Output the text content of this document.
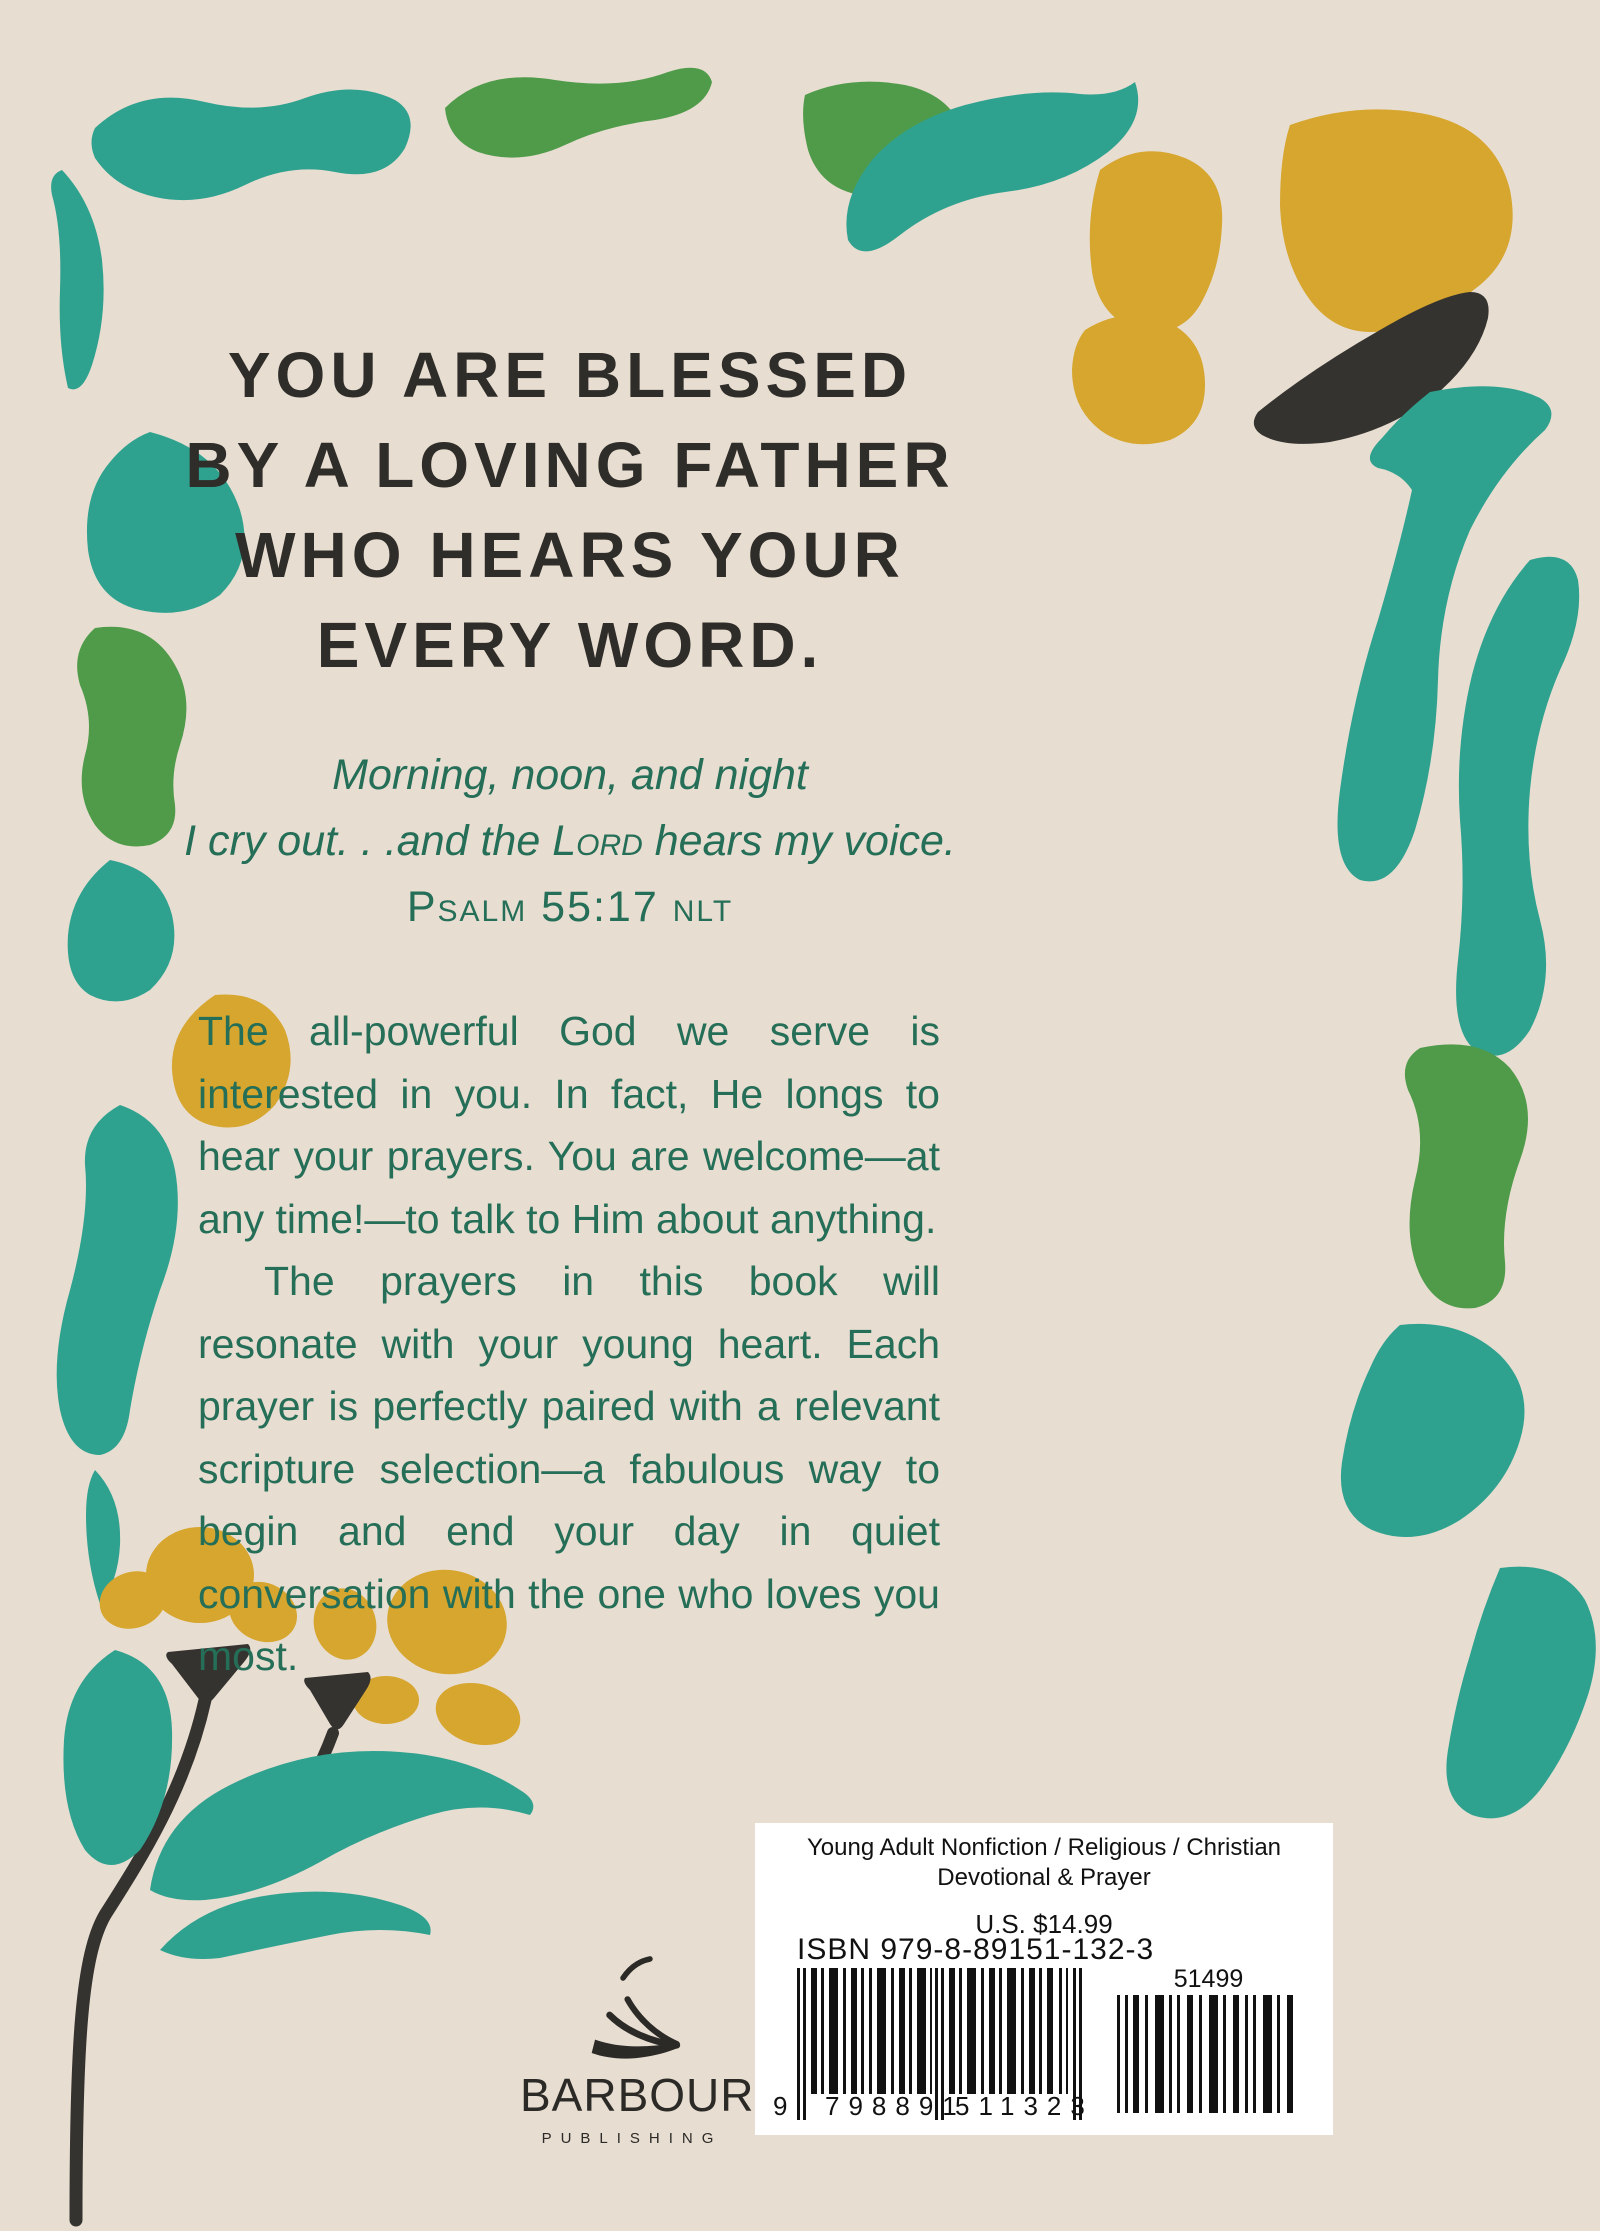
YOU ARE BLESSED
BY A LOVING FATHER
WHO HEARS YOUR
EVERY WORD.
Morning, noon, and night
I cry out. . .and the Lord hears my voice.
Psalm 55:17 nlt

The all-powerful God we serve is interested in you. In fact, He longs to hear your prayers. You are welcome—at any time!—to talk to Him about anything.

The prayers in this book will resonate with your young heart. Each prayer is perfectly paired with a relevant scripture selection—a fabulous way to begin and end your day in quiet conversation with the one who loves you most.

BARBOUR
PUBLISHING
Young Adult Nonfiction / Religious / Christian
Devotional & Prayer
U.S. $14.99
ISBN 979-8-89151-132-3
9 798891
511323
51499
